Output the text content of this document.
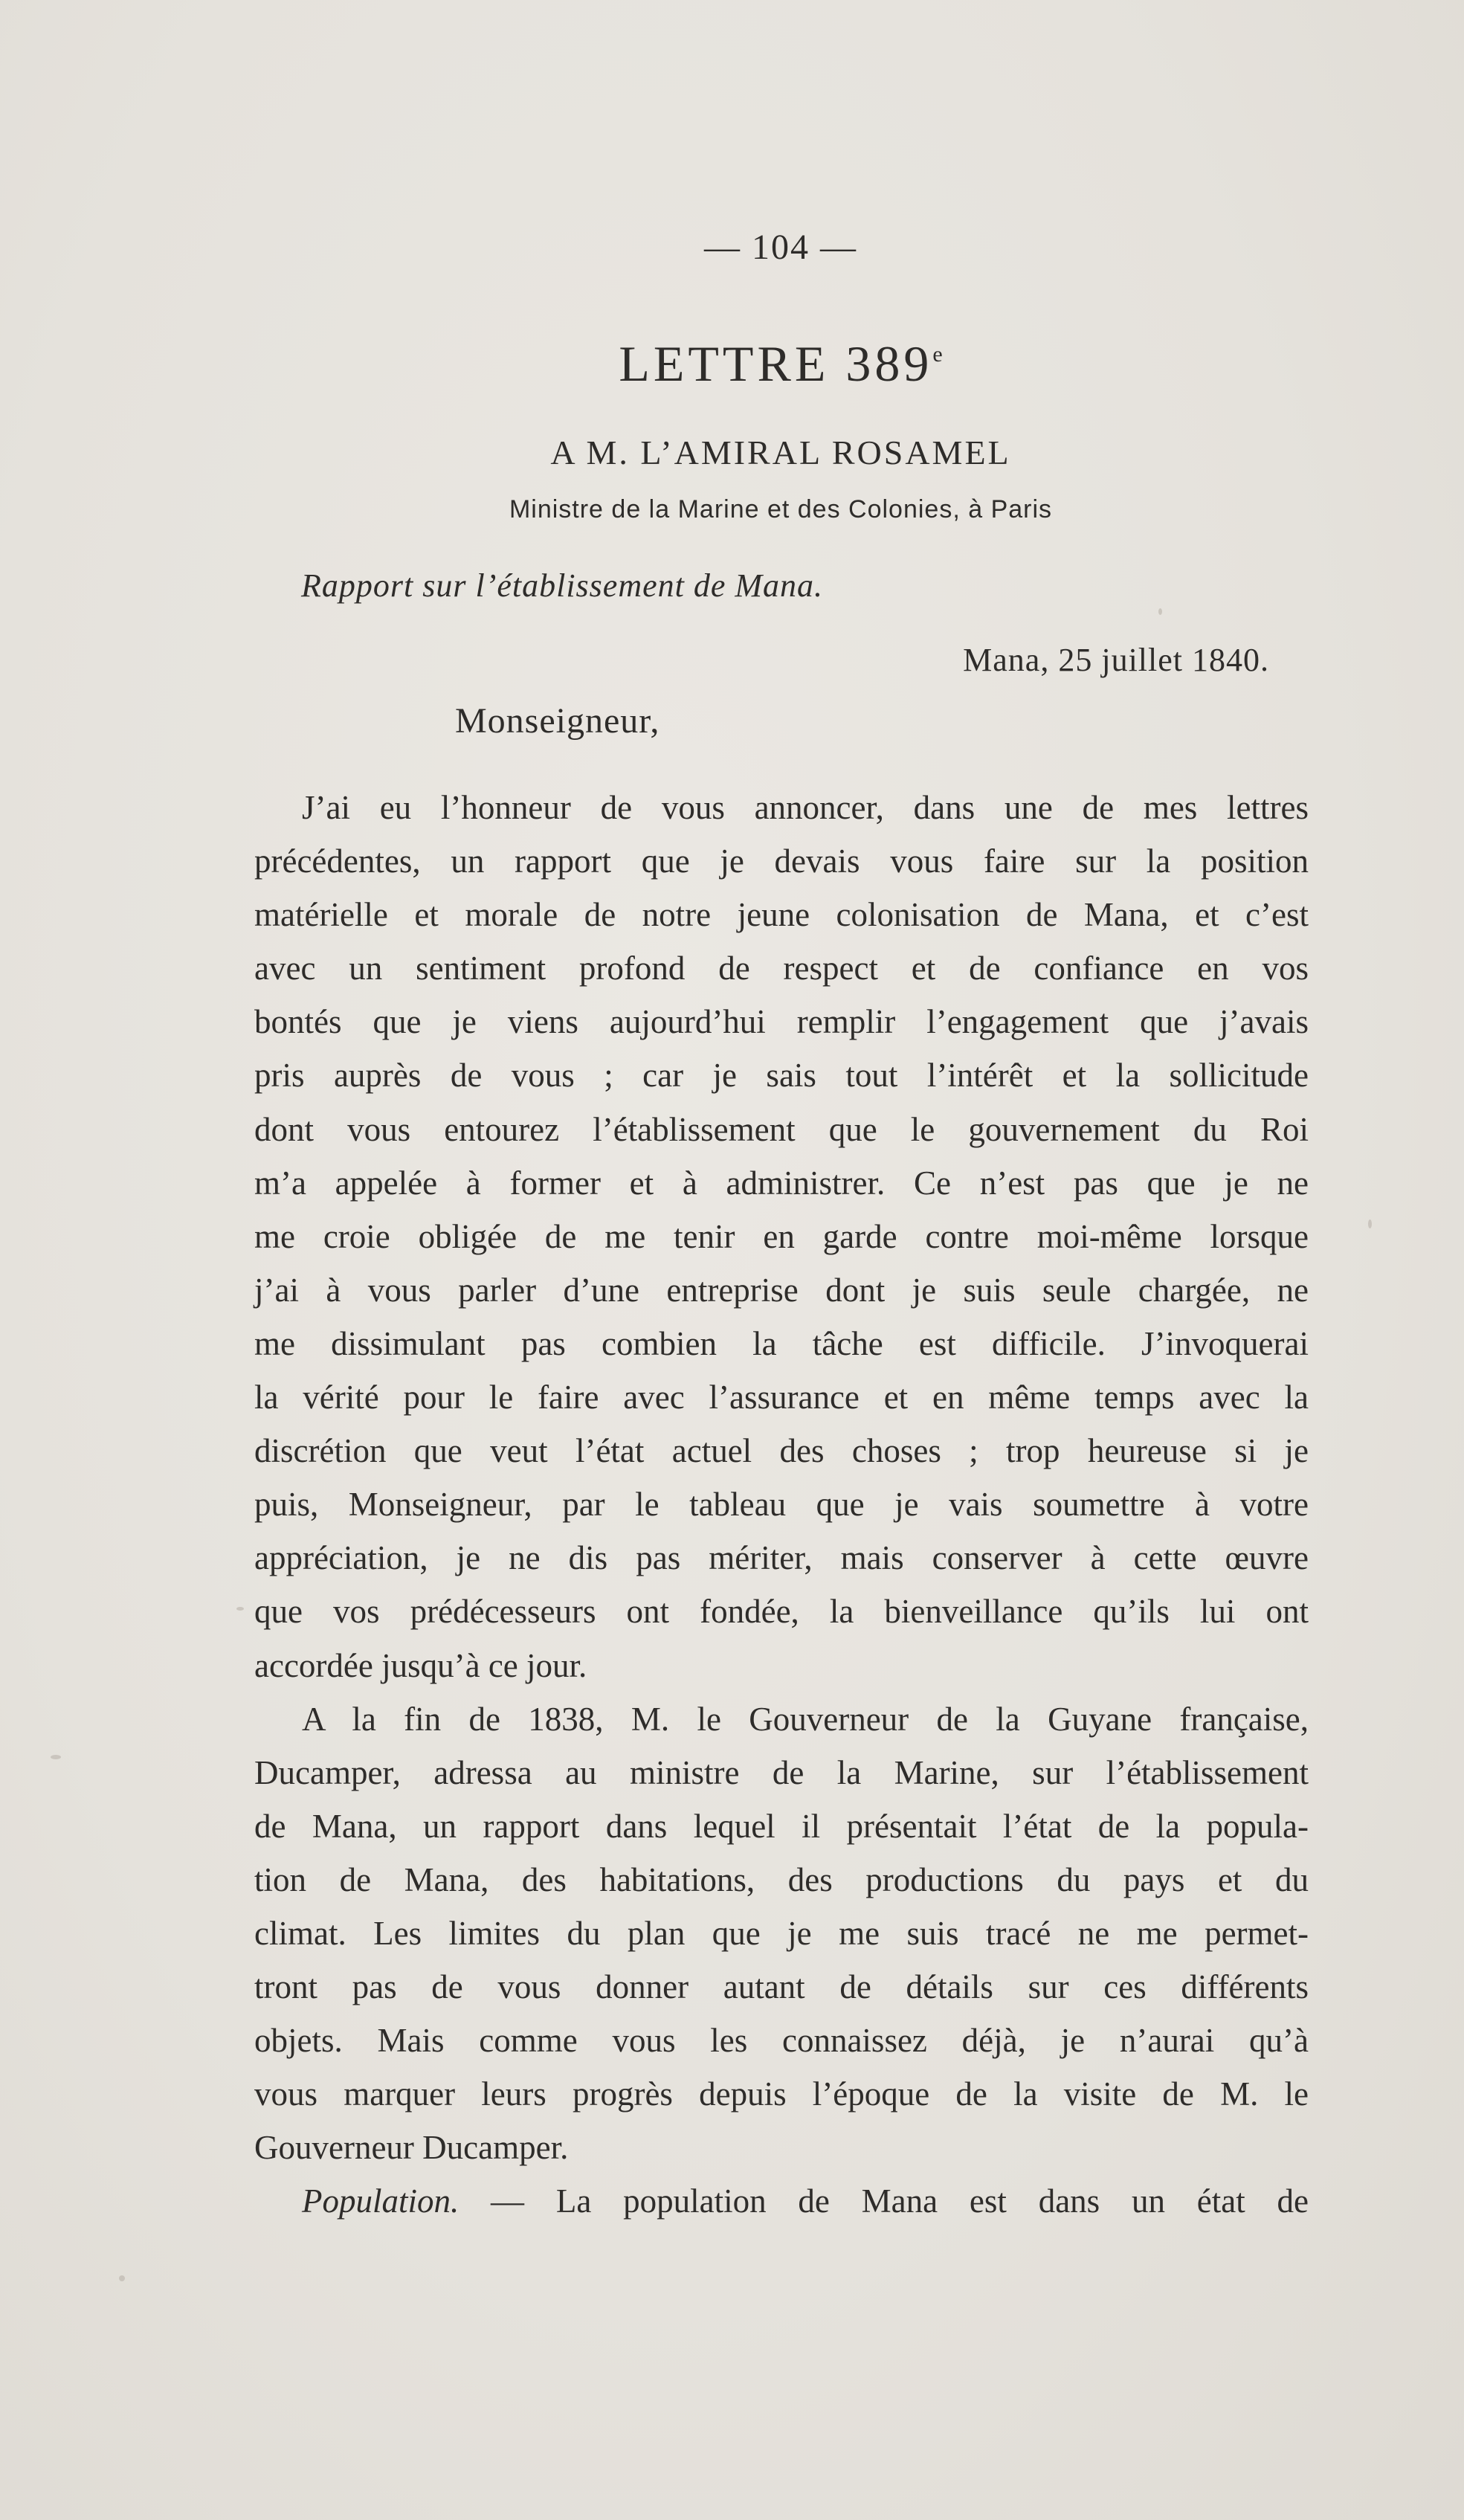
— 104 —
LETTRE 389e
A M. L’AMIRAL ROSAMEL
Ministre de la Marine et des Colonies, à Paris
Rapport sur l’établissement de Mana.
Mana, 25 juillet 1840.
Monseigneur,
J’ai eu l’honneur de vous annoncer, dans une de mes lettres
précédentes, un rapport que je devais vous faire sur la position
matérielle et morale de notre jeune colonisation de Mana, et c’est
avec un sentiment profond de respect et de confiance en vos
bontés que je viens aujourd’hui remplir l’engagement que j’avais
pris auprès de vous ; car je sais tout l’intérêt et la sollicitude
dont vous entourez l’établissement que le gouvernement du Roi
m’a appelée à former et à administrer. Ce n’est pas que je ne
me croie obligée de me tenir en garde contre moi-même lorsque
j’ai à vous parler d’une entreprise dont je suis seule chargée, ne
me dissimulant pas combien la tâche est difficile. J’invoquerai
la vérité pour le faire avec l’assurance et en même temps avec la
discrétion que veut l’état actuel des choses ; trop heureuse si je
puis, Monseigneur, par le tableau que je vais soumettre à votre
appréciation, je ne dis pas mériter, mais conserver à cette œuvre
que vos prédécesseurs ont fondée, la bienveillance qu’ils lui ont
accordée jusqu’à ce jour.
A la fin de 1838, M. le Gouverneur de la Guyane française,
Ducamper, adressa au ministre de la Marine, sur l’établissement
de Mana, un rapport dans lequel il présentait l’état de la popula-
tion de Mana, des habitations, des productions du pays et du
climat. Les limites du plan que je me suis tracé ne me permet-
tront pas de vous donner autant de détails sur ces différents
objets. Mais comme vous les connaissez déjà, je n’aurai qu’à
vous marquer leurs progrès depuis l’époque de la visite de M. le
Gouverneur Ducamper.
Population. — La population de Mana est dans un état de
